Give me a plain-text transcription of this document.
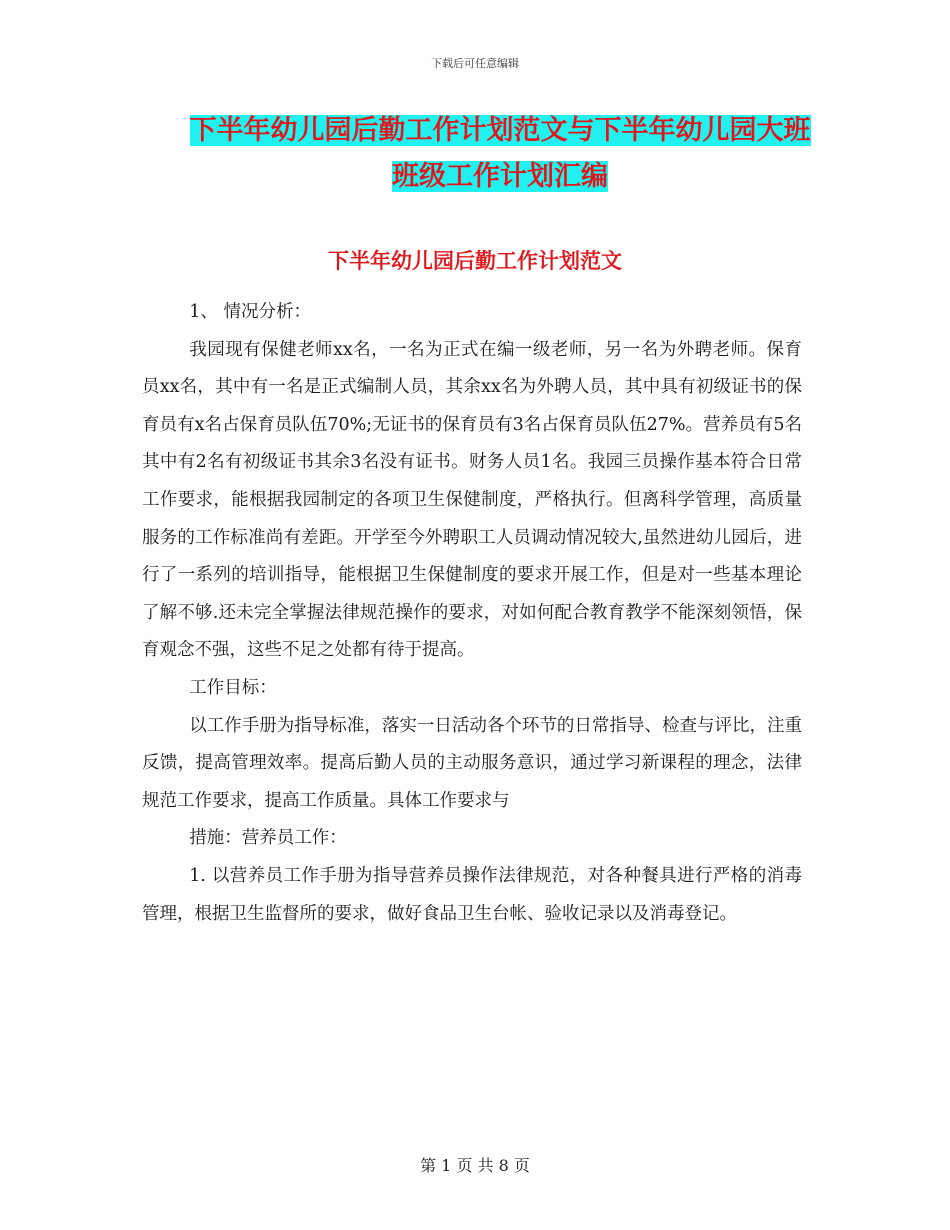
下载后可任意编辑
下半年幼儿园后勤工作计划范文与下半年幼儿园大班
班级工作计划汇编
下半年幼儿园后勤工作计划范文

1、 情况分析：

我园现有保健老师xx名，一名为正式在编一级老师，另一名为外聘老师。保育员xx名，其中有一名是正式编制人员，其余xx名为外聘人员，其中具有初级证书的保育员有x名占保育员队伍70%;无证书的保育员有3名占保育员队伍27%。营养员有5名其中有2名有初级证书其余3名没有证书。财务人员1名。我园三员操作基本符合日常工作要求，能根据我园制定的各项卫生保健制度，严格执行。但离科学管理，高质量服务的工作标准尚有差距。开学至今外聘职工人员调动情况较大,虽然进幼儿园后，进行了一系列的培训指导，能根据卫生保健制度的要求开展工作，但是对一些基本理论了解不够.还未完全掌握法律规范操作的要求，对如何配合教育教学不能深刻领悟，保育观念不强，这些不足之处都有待于提高。

工作目标：

以工作手册为指导标准，落实一日活动各个环节的日常指导、检查与评比，注重反馈，提高管理效率。提高后勤人员的主动服务意识，通过学习新课程的理念，法律规范工作要求，提高工作质量。具体工作要求与

措施：营养员工作：

1. 以营养员工作手册为指导营养员操作法律规范，对各种餐具进行严格的消毒管理，根据卫生监督所的要求，做好食品卫生台帐、验收记录以及消毒登记。

第 1 页 共 8 页
